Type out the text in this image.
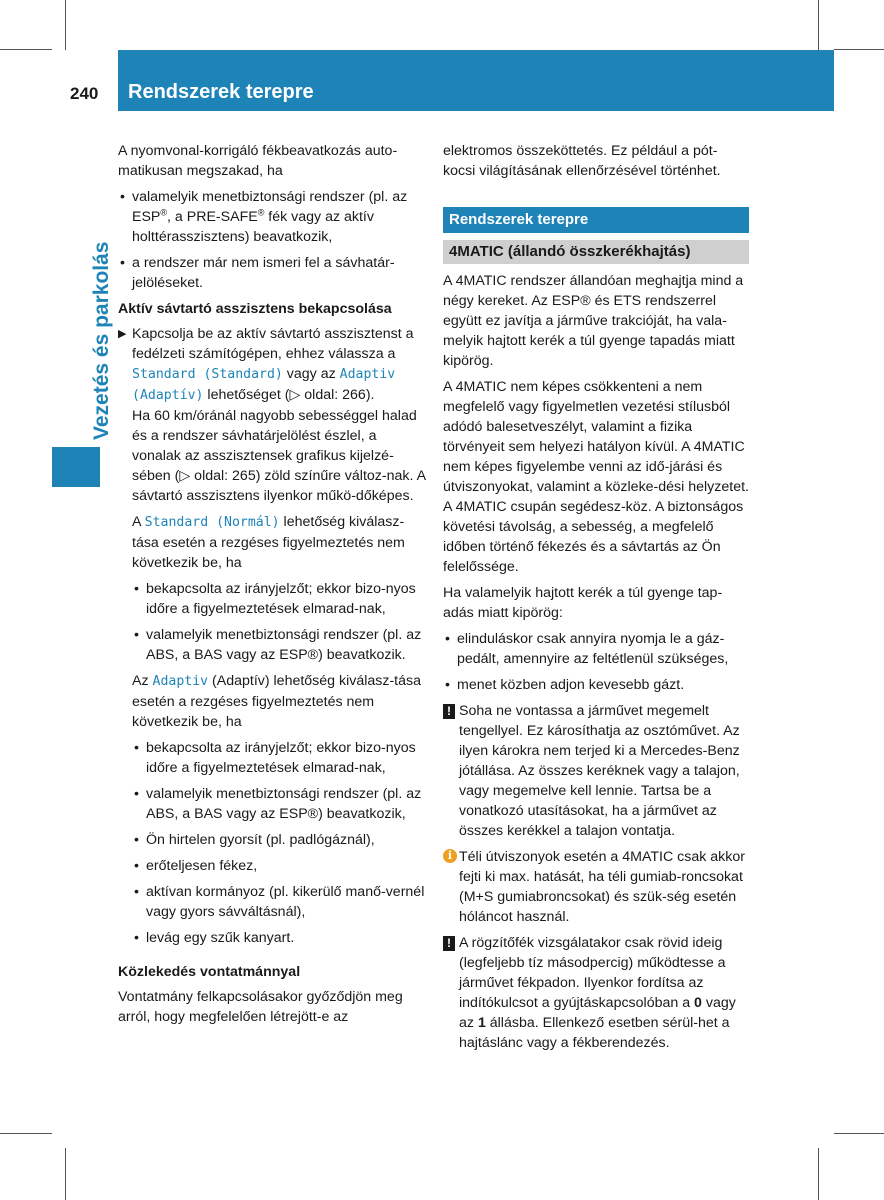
240 Rendszerek terepre
Vezetés és parkolás

A nyomvonal-korrigáló fékbeavatkozás auto-matikusan megszakad, ha

• valamelyik menetbiztonsági rendszer (pl. az ESP®, a PRE-SAFE® fék vagy az aktív holttérasszisztens) beavatkozik,
• a rendszer már nem ismeri fel a sávhatár-jelöléseket.
Aktív sávtartó asszisztens bekapcsolása
▶ Kapcsolja be az aktív sávtartó asszisztenst a fedélzeti számítógépen, ehhez válassza a Standard (Standard) vagy az Adaptiv (Adaptív) lehetőséget (▷ oldal: 266).
Ha 60 km/óránál nagyobb sebességgel halad és a rendszer sávhatárjelölést észlel, a vonalak az asszisztensek grafikus kijelzé-sében (▷ oldal: 265) zöld színűre változ-nak. A sávtartó asszisztens ilyenkor műkö-dőképes.

A Standard (Normál) lehetőség kiválasz-tása esetén a rezgéses figyelmeztetés nem következik be, ha

• bekapcsolta az irányjelzőt; ekkor bizo-nyos időre a figyelmeztetések elmarad-nak,
• valamelyik menetbiztonsági rendszer (pl. az ABS, a BAS vagy az ESP®) beavatkozik.

Az Adaptiv (Adaptív) lehetőség kiválasz-tása esetén a rezgéses figyelmeztetés nem következik be, ha

• bekapcsolta az irányjelzőt; ekkor bizo-nyos időre a figyelmeztetések elmarad-nak,
• valamelyik menetbiztonsági rendszer (pl. az ABS, a BAS vagy az ESP®) beavatkozik,
• Ön hirtelen gyorsít (pl. padlógáznál),
• erőteljesen fékez,
• aktívan kormányoz (pl. kikerülő manő-vernél vagy gyors sávváltásnál),
• levág egy szűk kanyart.
Közlekedés vontatmánnyal

Vontatmány felkapcsolásakor győződjön meg arról, hogy megfelelően létrejött-e az

elektromos összeköttetés. Ez például a pót-kocsi világításának ellenőrzésével történhet.

Rendszerek terepre
4MATIC (állandó összkerékhajtás)

A 4MATIC rendszer állandóan meghajtja mind a négy kereket. Az ESP® és ETS rendszerrel együtt ez javítja a járműve trakcióját, ha vala-melyik hajtott kerék a túl gyenge tapadás miatt kipörög.

A 4MATIC nem képes csökkenteni a nem megfelelő vagy figyelmetlen vezetési stílusból adódó balesetveszélyt, valamint a fizika törvényeit sem helyezi hatályon kívül. A 4MATIC nem képes figyelembe venni az idő-járási és útviszonyokat, valamint a közleke-dési helyzetet. A 4MATIC csupán segédesz-köz. A biztonságos követési távolság, a sebesség, a megfelelő időben történő fékezés és a sávtartás az Ön felelőssége.

Ha valamelyik hajtott kerék a túl gyenge tap-adás miatt kipörög:

• elinduláskor csak annyira nyomja le a gáz-pedált, amennyire az feltétlenül szükséges,
• menet közben adjon kevesebb gázt.
! Soha ne vontassa a járművet megemelt tengellyel. Ez károsíthatja az osztóművet. Az ilyen károkra nem terjed ki a Mercedes-Benz jótállása. Az összes keréknek vagy a talajon, vagy megemelve kell lennie. Tartsa be a vonatkozó utasításokat, ha a járművet az összes kerékkel a talajon vontatja.
i Téli útviszonyok esetén a 4MATIC csak akkor fejti ki max. hatását, ha téli gumiab-roncsokat (M+S gumiabroncsokat) és szük-ség esetén hóláncot használ.
! A rögzítőfék vizsgálatakor csak rövid ideig (legfeljebb tíz másodpercig) működtesse a járművet fékpadon. Ilyenkor fordítsa az indítókulcsot a gyújtáskapcsolóban a 0 vagy az 1 állásba. Ellenkező esetben sérül-het a hajtáslánc vagy a fékberendezés.
